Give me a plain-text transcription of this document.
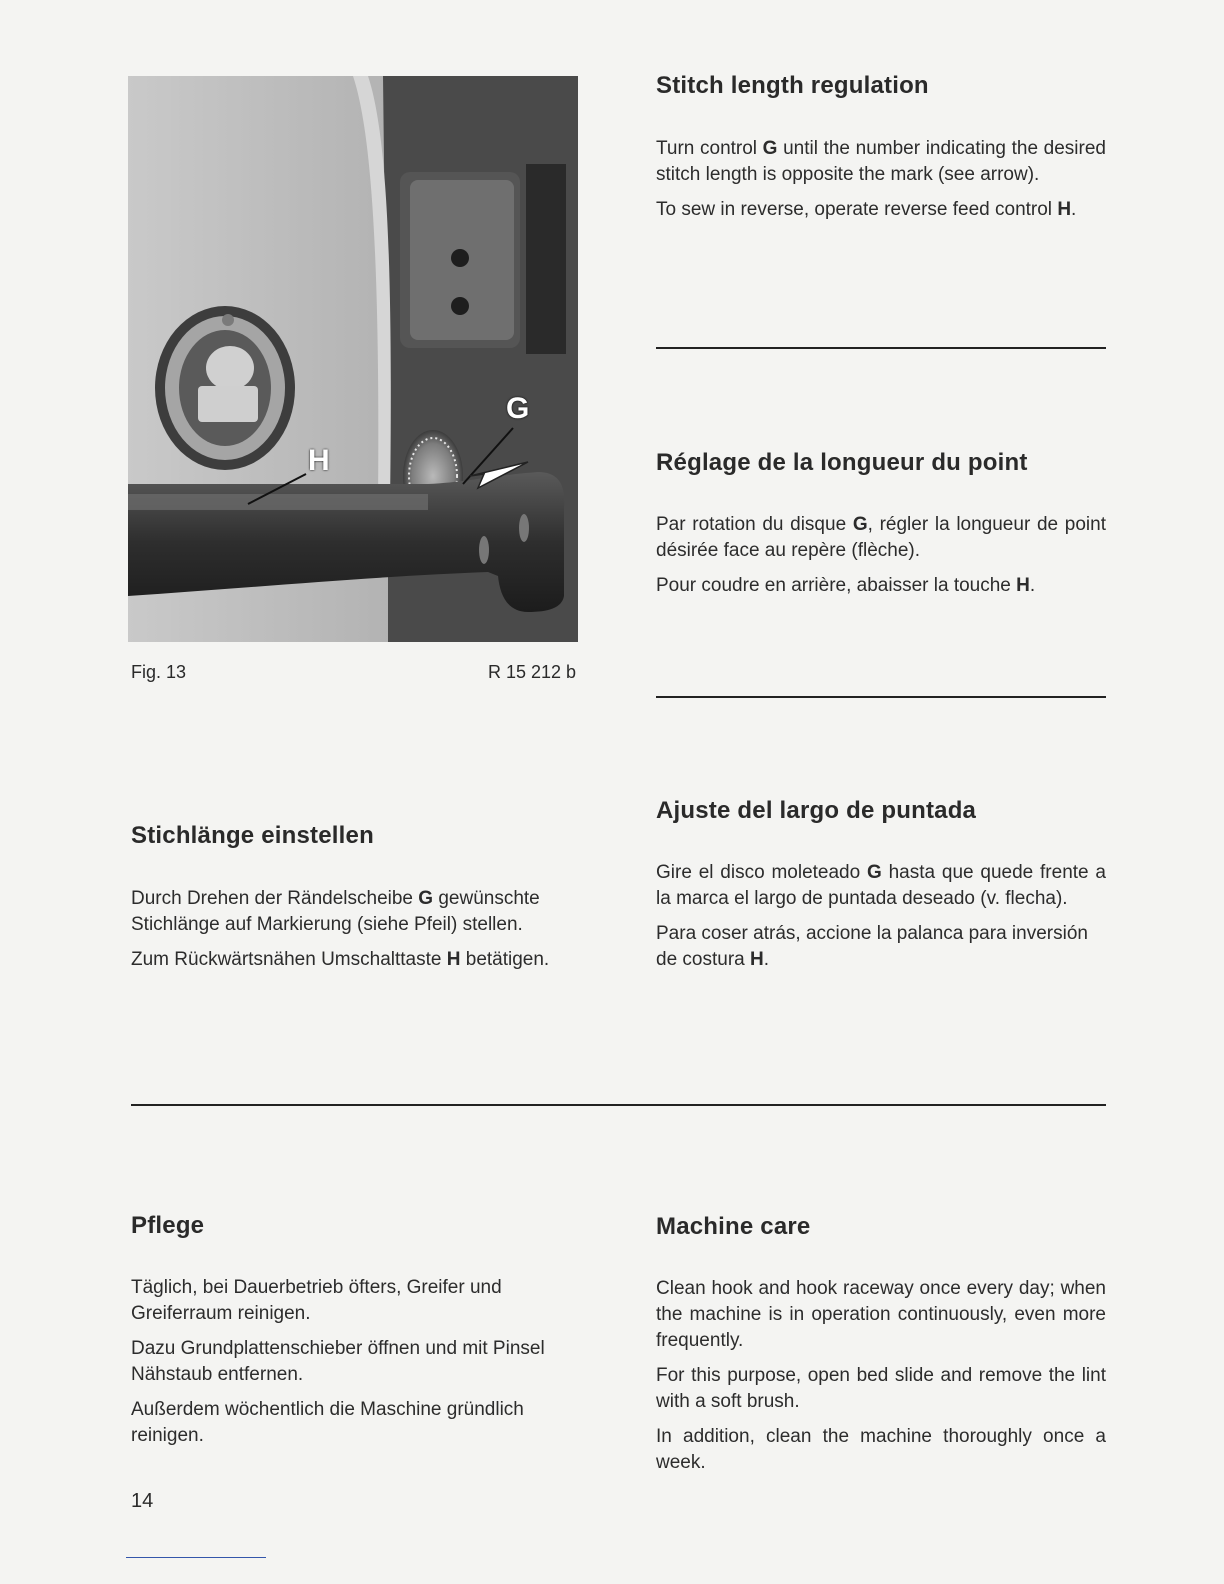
G
H
Fig. 13	R 15 212 b
Stitch length regulation

Turn control G until the number indicating the desired stitch length is opposite the mark (see arrow).

To sew in reverse, operate reverse feed control H.

Réglage de la longueur du point

Par rotation du disque G, régler la longueur de point désirée face au repère (flèche).

Pour coudre en arrière, abaisser la touche H.

Ajuste del largo de puntada

Gire el disco moleteado G hasta que quede frente a la marca el largo de puntada deseado (v. flecha).

Para coser atrás, accione la palanca para inversión de costura H.

Stichlänge einstellen

Durch Drehen der Rändelscheibe G gewünschte Stichlänge auf Markierung (siehe Pfeil) stellen.

Zum Rückwärtsnähen Umschalttaste H betätigen.

Pflege

Täglich, bei Dauerbetrieb öfters, Greifer und Greiferraum reinigen.

Dazu Grundplattenschieber öffnen und mit Pinsel Nähstaub entfernen.

Außerdem wöchentlich die Maschine gründlich reinigen.

Machine care

Clean hook and hook raceway once every day; when the machine is in operation continuously, even more frequently.

For this purpose, open bed slide and remove the lint with a soft brush.

In addition, clean the machine thoroughly once a week.

14
